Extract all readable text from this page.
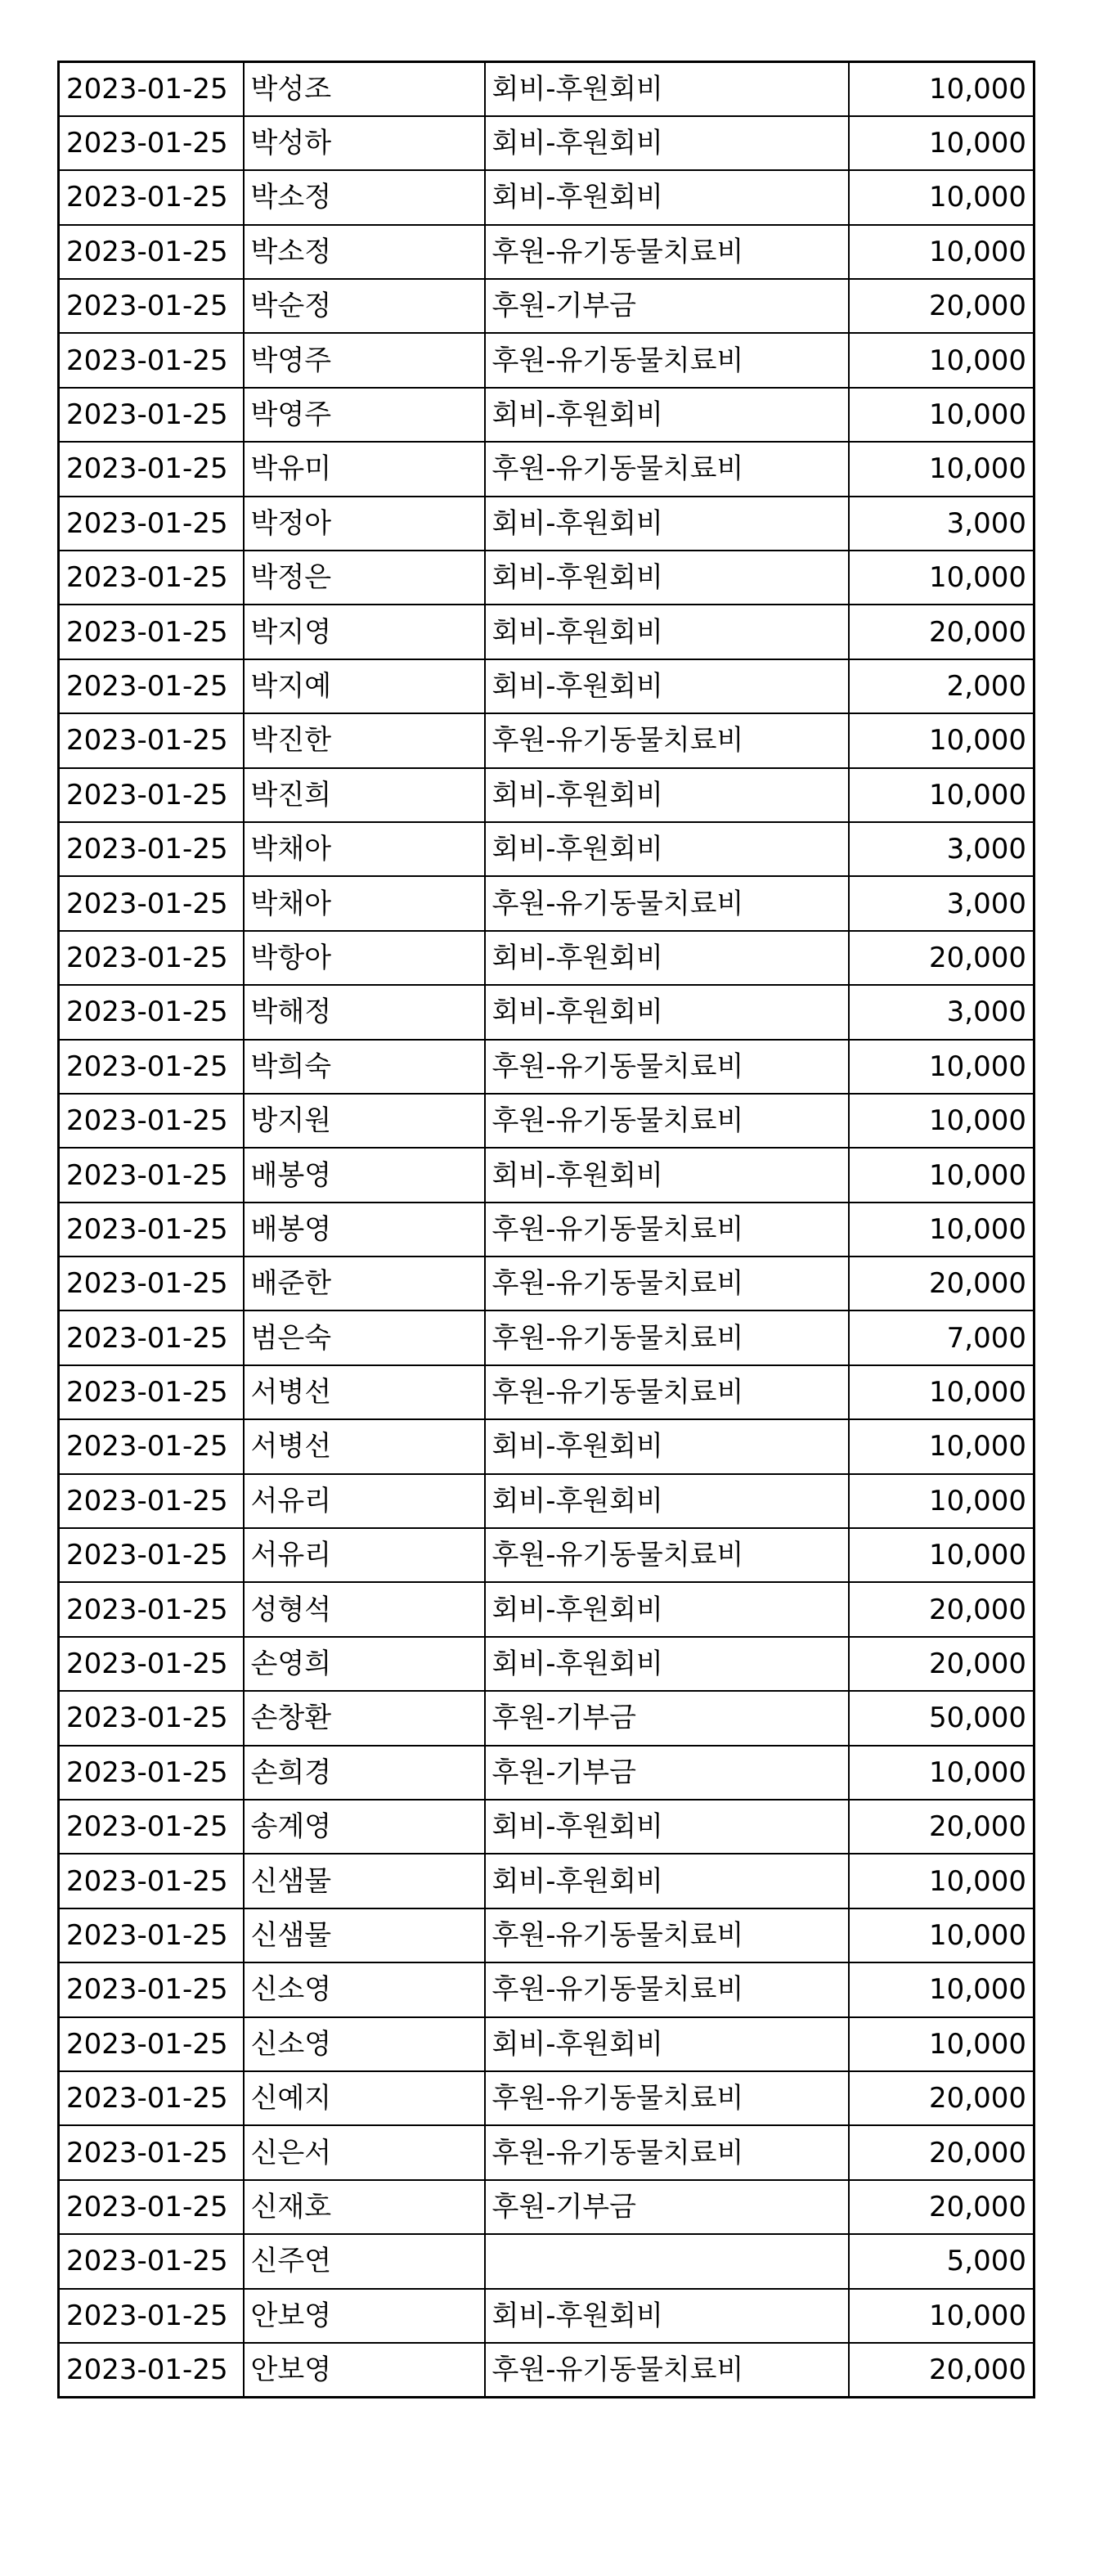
2023-01-25	박성조	회비-후원회비	10,000
2023-01-25	박성하	회비-후원회비	10,000
2023-01-25	박소정	회비-후원회비	10,000
2023-01-25	박소정	후원-유기동물치료비	10,000
2023-01-25	박순정	후원-기부금	20,000
2023-01-25	박영주	후원-유기동물치료비	10,000
2023-01-25	박영주	회비-후원회비	10,000
2023-01-25	박유미	후원-유기동물치료비	10,000
2023-01-25	박정아	회비-후원회비	3,000
2023-01-25	박정은	회비-후원회비	10,000
2023-01-25	박지영	회비-후원회비	20,000
2023-01-25	박지예	회비-후원회비	2,000
2023-01-25	박진한	후원-유기동물치료비	10,000
2023-01-25	박진희	회비-후원회비	10,000
2023-01-25	박채아	회비-후원회비	3,000
2023-01-25	박채아	후원-유기동물치료비	3,000
2023-01-25	박항아	회비-후원회비	20,000
2023-01-25	박해정	회비-후원회비	3,000
2023-01-25	박희숙	후원-유기동물치료비	10,000
2023-01-25	방지원	후원-유기동물치료비	10,000
2023-01-25	배봉영	회비-후원회비	10,000
2023-01-25	배봉영	후원-유기동물치료비	10,000
2023-01-25	배준한	후원-유기동물치료비	20,000
2023-01-25	범은숙	후원-유기동물치료비	7,000
2023-01-25	서병선	후원-유기동물치료비	10,000
2023-01-25	서병선	회비-후원회비	10,000
2023-01-25	서유리	회비-후원회비	10,000
2023-01-25	서유리	후원-유기동물치료비	10,000
2023-01-25	성형석	회비-후원회비	20,000
2023-01-25	손영희	회비-후원회비	20,000
2023-01-25	손창환	후원-기부금	50,000
2023-01-25	손희경	후원-기부금	10,000
2023-01-25	송계영	회비-후원회비	20,000
2023-01-25	신샘물	회비-후원회비	10,000
2023-01-25	신샘물	후원-유기동물치료비	10,000
2023-01-25	신소영	후원-유기동물치료비	10,000
2023-01-25	신소영	회비-후원회비	10,000
2023-01-25	신예지	후원-유기동물치료비	20,000
2023-01-25	신은서	후원-유기동물치료비	20,000
2023-01-25	신재호	후원-기부금	20,000
2023-01-25	신주연		5,000
2023-01-25	안보영	회비-후원회비	10,000
2023-01-25	안보영	후원-유기동물치료비	20,000
